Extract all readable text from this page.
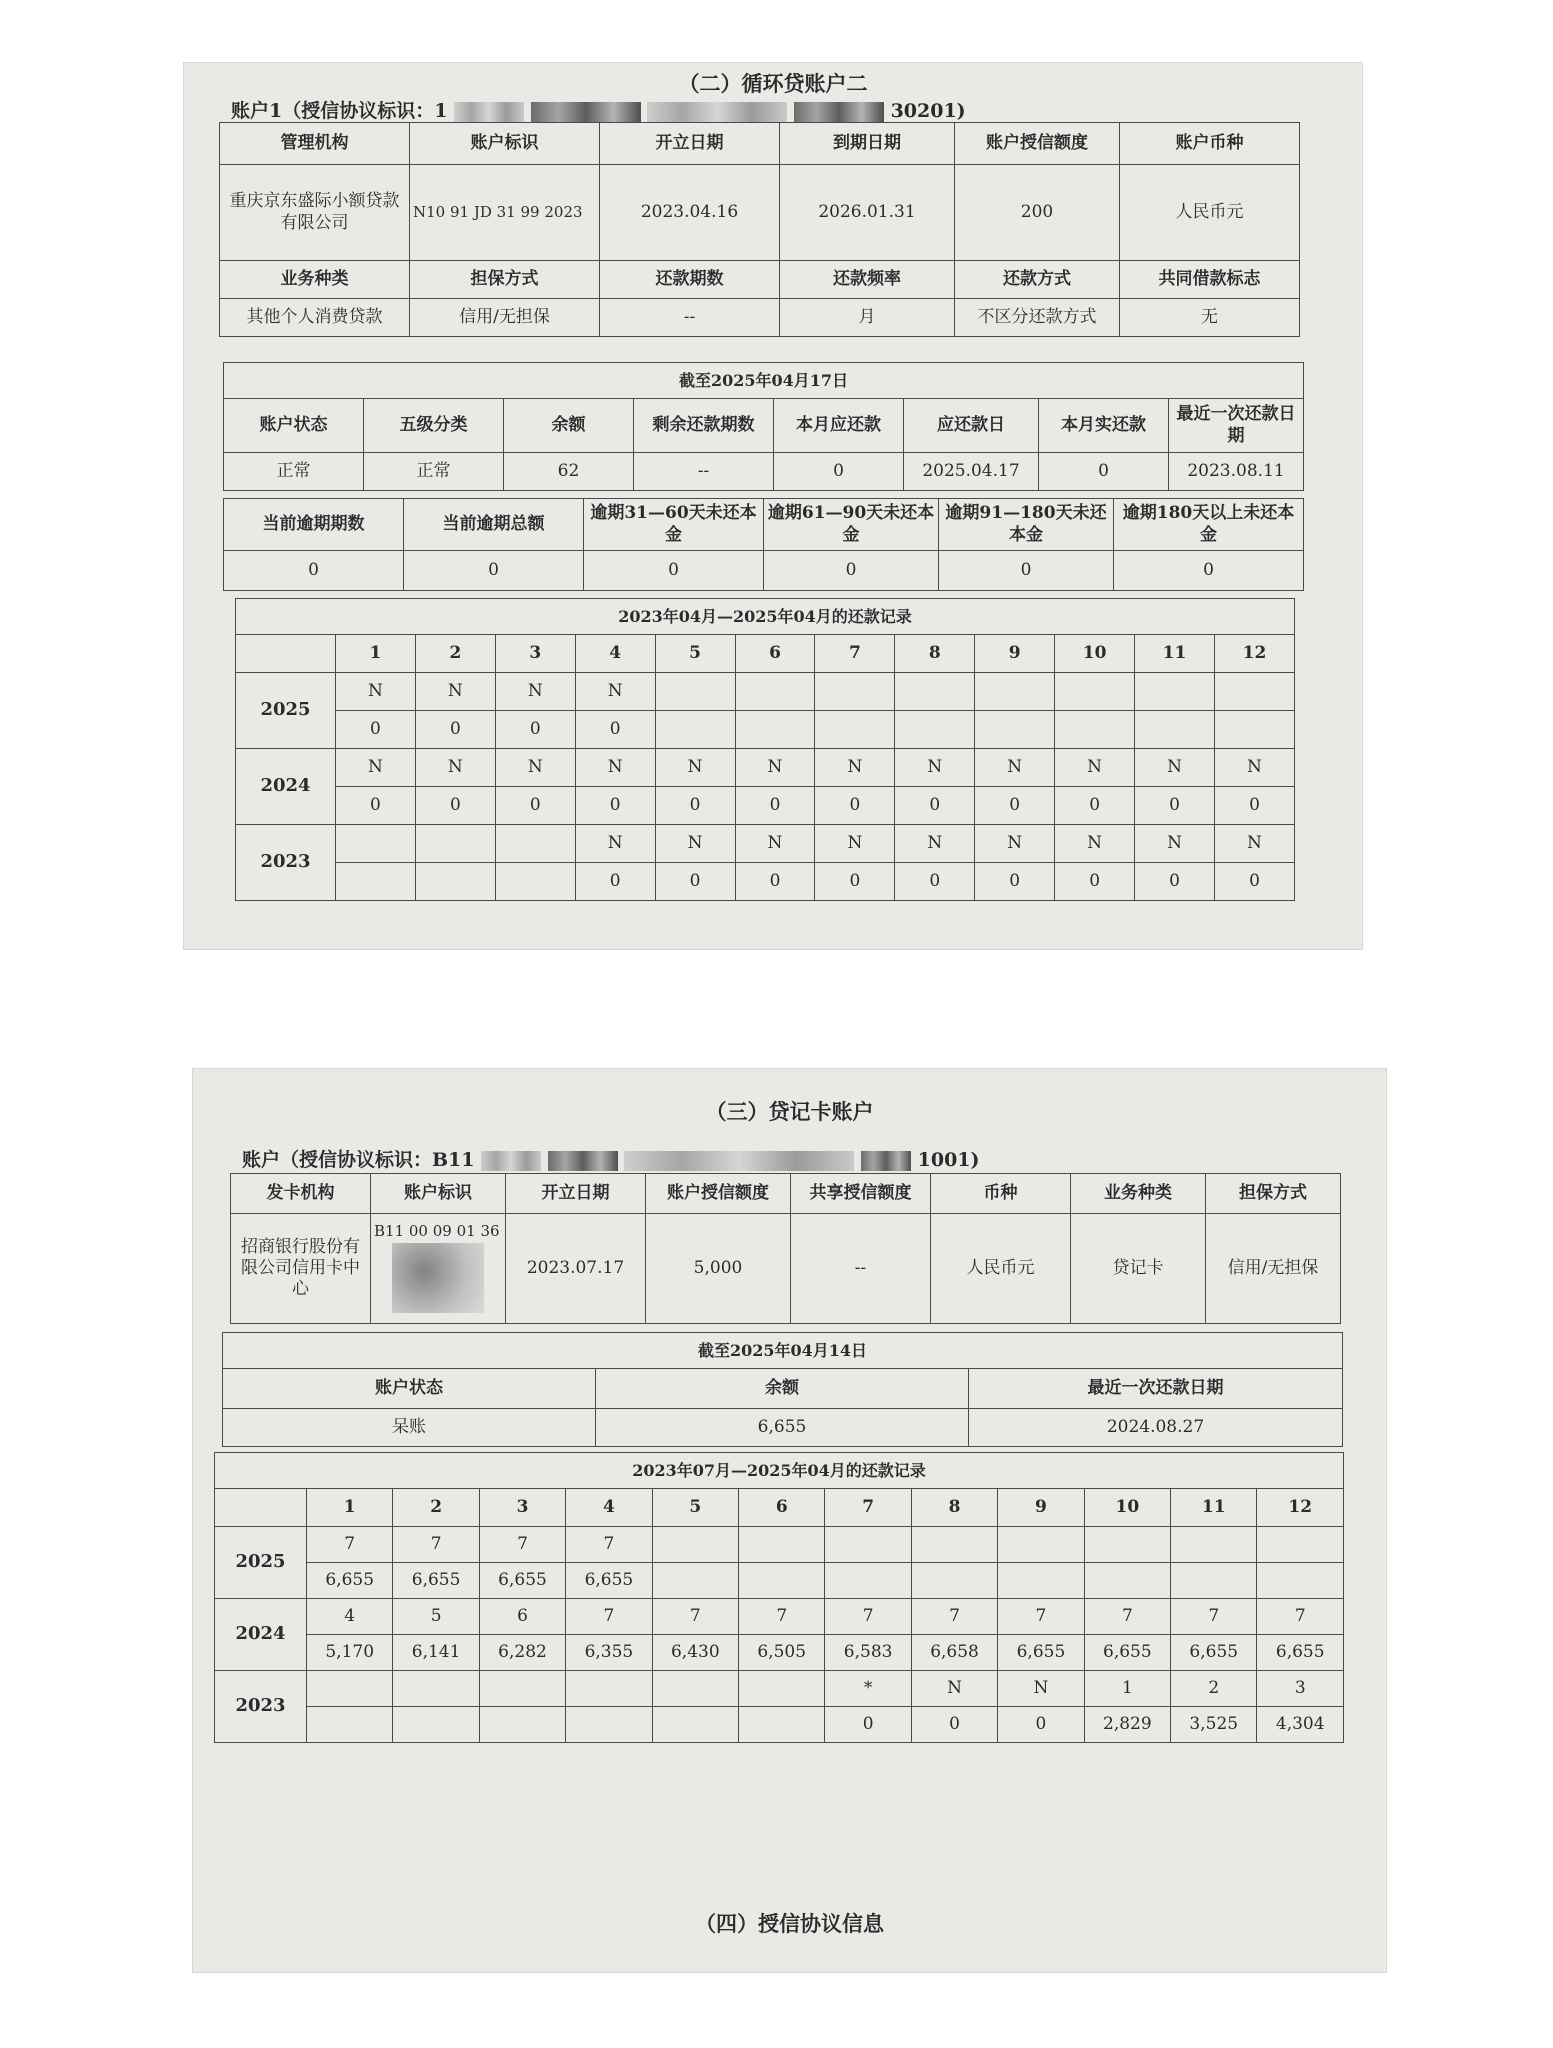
（二）循环贷账户二
账户1（授信协议标识：1	30201)
管理机构	账户标识	开立日期	到期日期	账户授信额度	账户币种
重庆京东盛际小额贷款有限公司	N10 91 JD 31 99 2023	2023.04.16	2026.01.31	200	人民币元
业务种类	担保方式	还款期数	还款频率	还款方式	共同借款标志
其他个人消费贷款	信用/无担保	--	月	不区分还款方式	无
截至2025年04月17日							
账户状态	五级分类	余额	剩余还款期数	本月应还款	应还款日	本月实还款	最近一次还款日期
正常	正常	62	--	0	2025.04.17	0	2023.08.11
当前逾期期数	当前逾期总额	逾期31—60天未还本金	逾期61—90天未还本金	逾期91—180天未还本金	逾期180天以上未还本金
0	0	0	0	0	0
2023年04月—2025年04月的还款记录												
	1	2	3	4	5	6	7	8	9	10	11	12
2025	N	N	N	N								
	0	0	0	0								
2024	N	N	N	N	N	N	N	N	N	N	N	N
	0	0	0	0	0	0	0	0	0	0	0	0
2023				N	N	N	N	N	N	N	N	N
				0	0	0	0	0	0	0	0	0
（三）贷记卡账户
账户（授信协议标识：B11	1001)
发卡机构	账户标识	开立日期	账户授信额度	共享授信额度	币种	业务种类	担保方式
招商银行股份有限公司信用卡中心	B11 00 09 01 36	2023.07.17	5,000	--	人民币元	贷记卡	信用/无担保
截至2025年04月14日		
账户状态	余额	最近一次还款日期
呆账	6,655	2024.08.27
2023年07月—2025年04月的还款记录												
	1	2	3	4	5	6	7	8	9	10	11	12
2025	7	7	7	7								
	6,655	6,655	6,655	6,655								
2024	4	5	6	7	7	7	7	7	7	7	7	7
	5,170	6,141	6,282	6,355	6,430	6,505	6,583	6,658	6,655	6,655	6,655	6,655
2023							*	N	N	1	2	3
							0	0	0	2,829	3,525	4,304
（四）授信协议信息
